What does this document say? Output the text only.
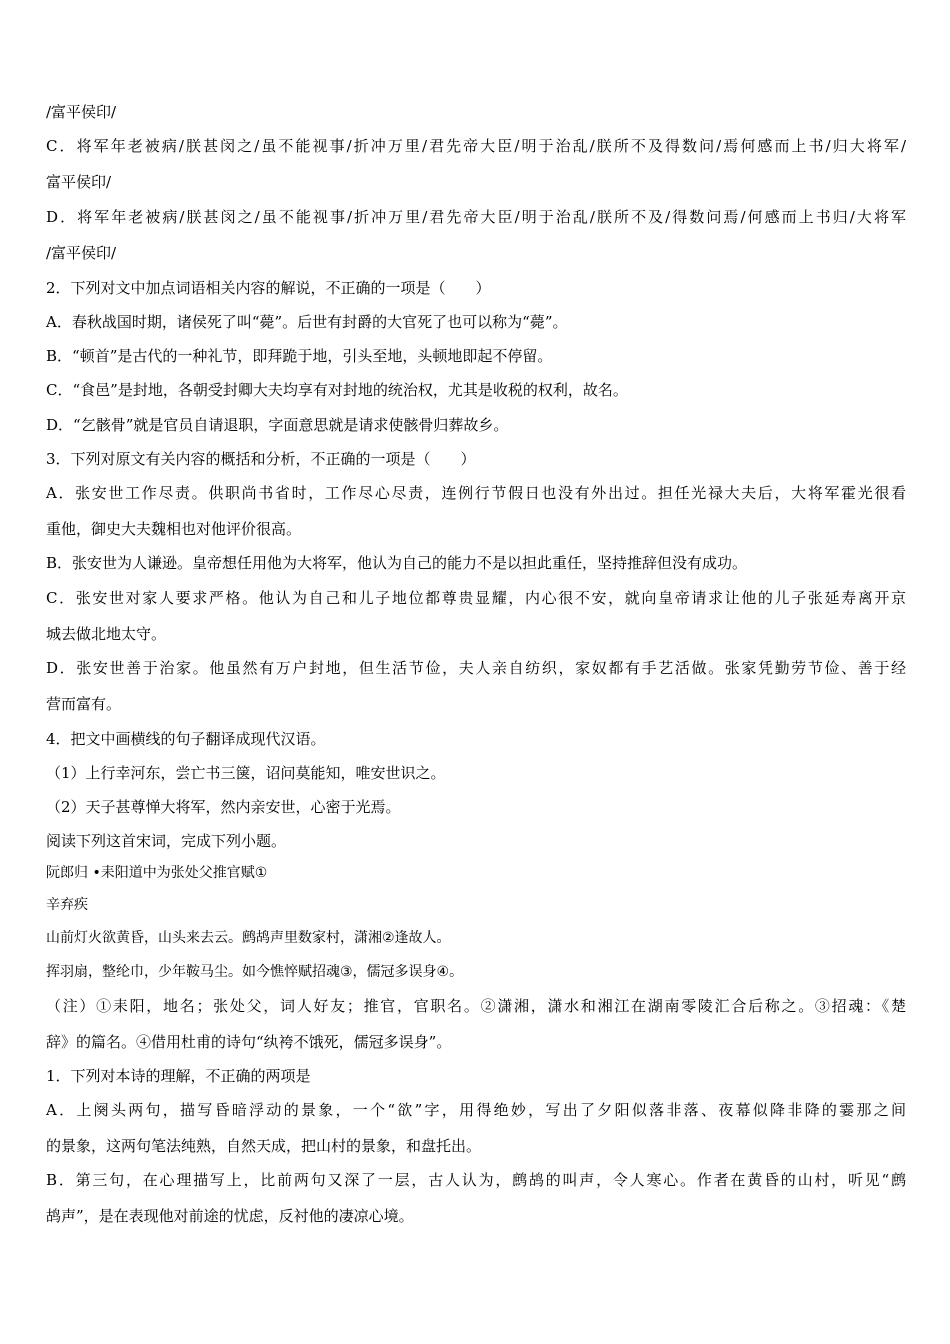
/富平侯印/
C．将军年老被病/朕甚闵之/虽不能视事/折冲万里/君先帝大臣/明于治乱/朕所不及得数问/焉何感而上书/归大将军/
富平侯印/
D．将军年老被病/朕甚闵之/虽不能视事/折冲万里/君先帝大臣/明于治乱/朕所不及/得数问焉/何感而上书归/大将军
/富平侯印/
2．下列对文中加点词语相关内容的解说，不正确的一项是（　　）
A．春秋战国时期，诸侯死了叫“薨”。后世有封爵的大官死了也可以称为“薨”。
B．“顿首”是古代的一种礼节，即拜跪于地，引头至地，头顿地即起不停留。
C．“食邑”是封地，各朝受封卿大夫均享有对封地的统治权，尤其是收税的权利，故名。
D．“乞骸骨”就是官员自请退职，字面意思就是请求使骸骨归葬故乡。
3．下列对原文有关内容的概括和分析，不正确的一项是（　　）
A．张安世工作尽责。供职尚书省时，工作尽心尽责，连例行节假日也没有外出过。担任光禄大夫后，大将军霍光很看
重他，御史大夫魏相也对他评价很高。
B．张安世为人谦逊。皇帝想任用他为大将军，他认为自己的能力不是以担此重任，坚持推辞但没有成功。
C．张安世对家人要求严格。他认为自己和儿子地位都尊贵显耀，内心很不安，就向皇帝请求让他的儿子张延寿离开京
城去做北地太守。
D．张安世善于治家。他虽然有万户封地，但生活节俭，夫人亲自纺织，家奴都有手艺活做。张家凭勤劳节俭、善于经
营而富有。
4．把文中画横线的句子翻译成现代汉语。
（1）上行幸河东，尝亡书三箧，诏问莫能知，唯安世识之。
（2）天子甚尊惮大将军，然内亲安世，心密于光焉。
阅读下列这首宋词，完成下列小题。
阮郎归 •耒阳道中为张处父推官赋①
辛弃疾
山前灯火欲黄昏，山头来去云。鹧鸪声里数家村，潇湘②逢故人。
挥羽扇，整纶巾，少年鞍马尘。如今憔悴赋招魂③，儒冠多误身④。
（注）①耒阳，地名；张处父，词人好友；推官，官职名。②潇湘，潇水和湘江在湖南零陵汇合后称之。③招魂：《楚
辞》的篇名。④借用杜甫的诗句“纨袴不饿死，儒冠多误身”。
1．下列对本诗的理解，不正确的两项是
A．上阕头两句，描写昏暗浮动的景象，一个“欲”字，用得绝妙，写出了夕阳似落非落、夜幕似降非降的霎那之间
的景象，这两句笔法纯熟，自然天成，把山村的景象，和盘托出。
B．第三句，在心理描写上，比前两句又深了一层，古人认为，鹧鸪的叫声，令人寒心。作者在黄昏的山村，听见“鹧
鸪声”，是在表现他对前途的忧虑，反衬他的凄凉心境。
